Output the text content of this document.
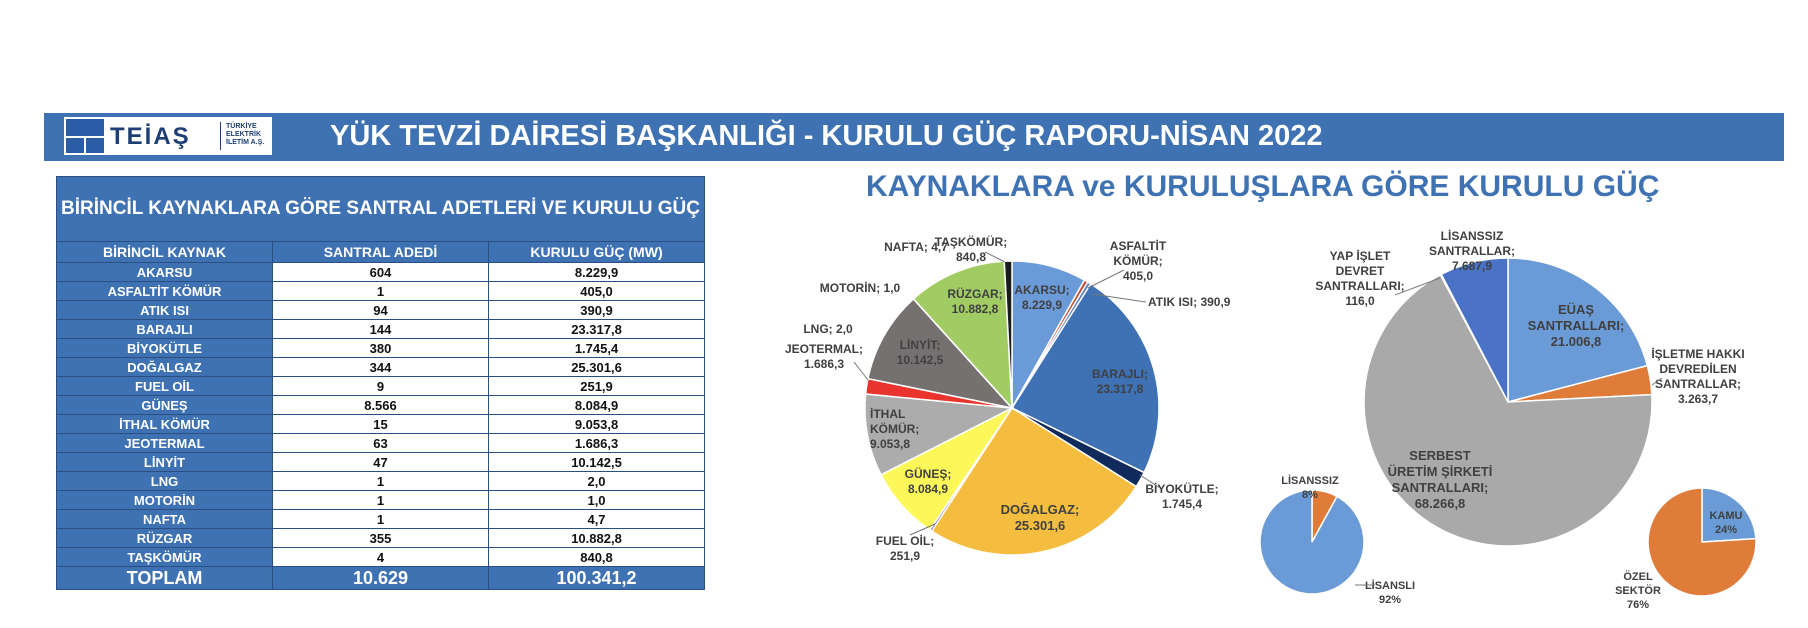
TEİAŞ	TÜRKİYE
ELEKTRİK
İLETİM A.Ş. YÜK TEVZİ DAİRESİ BAŞKANLIĞI - KURULU GÜÇ RAPORU-NİSAN 2022
BİRİNCİL KAYNAKLARA GÖRE SANTRAL ADETLERİ VE KURULU GÜÇ		
BİRİNCİL KAYNAK	SANTRAL ADEDİ	KURULU GÜÇ (MW)
AKARSU	604	8.229,9
ASFALTİT KÖMÜR	1	405,0
ATIK ISI	94	390,9
BARAJLI	144	23.317,8
BİYOKÜTLE	380	1.745,4
DOĞALGAZ	344	25.301,6
FUEL OİL	9	251,9
GÜNEŞ	8.566	8.084,9
İTHAL KÖMÜR	15	9.053,8
JEOTERMAL	63	1.686,3
LİNYİT	47	10.142,5
LNG	1	2,0
MOTORİN	1	1,0
NAFTA	1	4,7
RÜZGAR	355	10.882,8
TAŞKÖMÜR	4	840,8
TOPLAM	10.629	100.341,2
KAYNAKLARA ve KURULUŞLARA GÖRE KURULU GÜÇ
AKARSU;
8.229,9
ASFALTİT
KÖMÜR;
405,0
ATIK ISI; 390,9
BARAJLI;
23.317,8
BİYOKÜTLE;
1.745,4
DOĞALGAZ;
25.301,6
FUEL OİL;
251,9
GÜNEŞ;
8.084,9
İTHAL
KÖMÜR;
9.053,8
JEOTERMAL;
1.686,3
LİNYİT;
10.142,5
LNG; 2,0
MOTORİN; 1,0
NAFTA; 4,7
RÜZGAR;
10.882,8
TAŞKÖMÜR;
840,8
EÜAŞ
SANTRALLARI;
21.006,8
İŞLETME HAKKI
DEVREDİLEN
SANTRALLAR;
3.263,7
SERBEST
ÜRETİM ŞİRKETİ
SANTRALLARI;
68.266,8
YAP İŞLET
DEVRET
SANTRALLARI;
116,0
LİSANSSIZ
SANTRALLAR;
7.687,9
LİSANSSIZ
8%
LİSANSLI
92%
KAMU
24%
ÖZEL
SEKTÖR
76%
